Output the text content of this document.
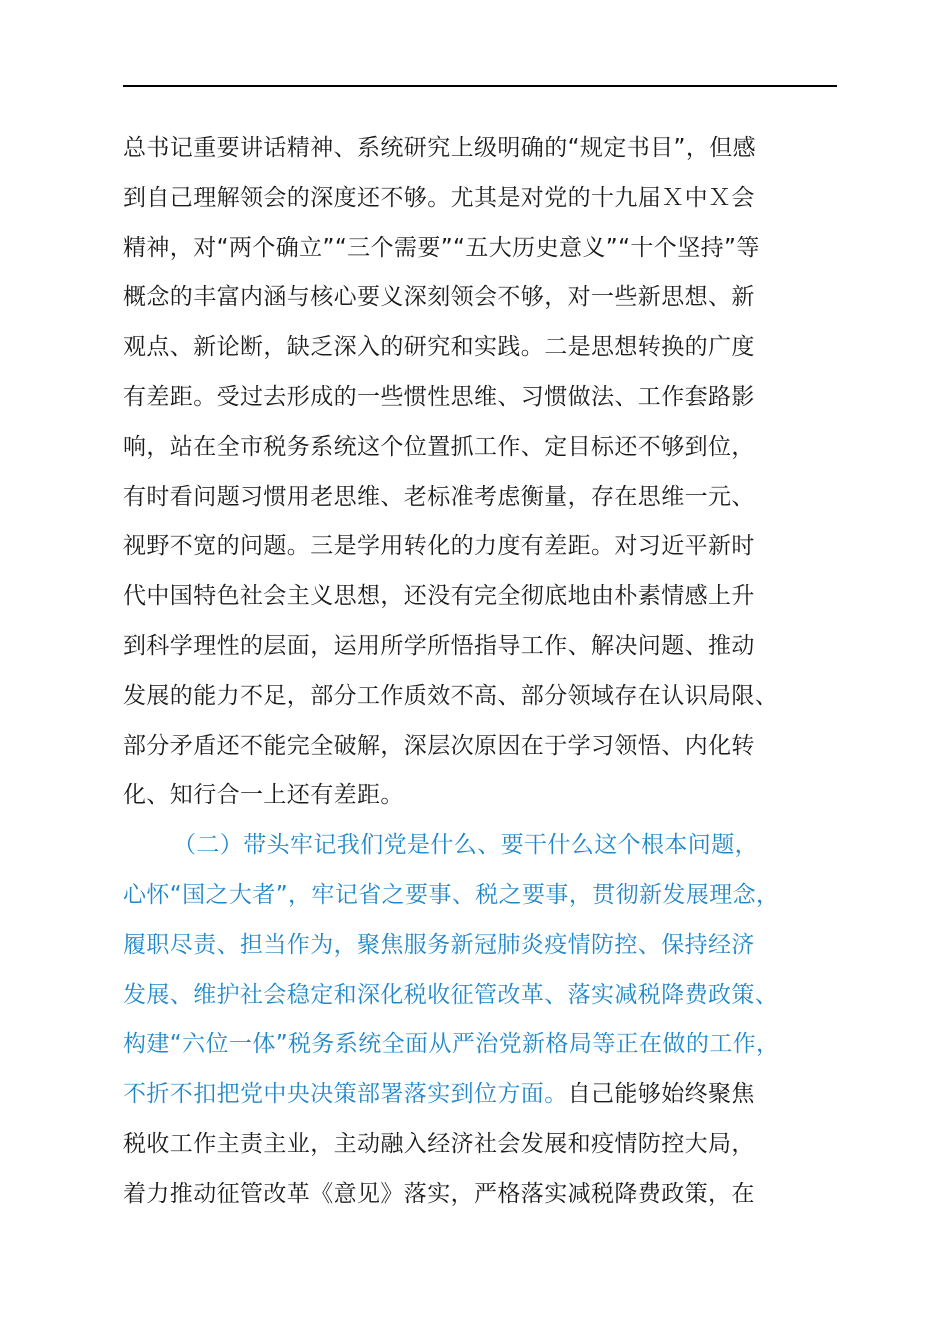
总书记重要讲话精神、系统研究上级明确的“规定书目”，但感
到自己理解领会的深度还不够。尤其是对党的十九届Ｘ中Ｘ会
精神，对“两个确立”“三个需要”“五大历史意义”“十个坚持”等
概念的丰富内涵与核心要义深刻领会不够，对一些新思想、新
观点、新论断，缺乏深入的研究和实践。二是思想转换的广度
有差距。受过去形成的一些惯性思维、习惯做法、工作套路影
响，站在全市税务系统这个位置抓工作、定目标还不够到位，
有时看问题习惯用老思维、老标准考虑衡量，存在思维一元、
视野不宽的问题。三是学用转化的力度有差距。对习近平新时
代中国特色社会主义思想，还没有完全彻底地由朴素情感上升
到科学理性的层面，运用所学所悟指导工作、解决问题、推动
发展的能力不足，部分工作质效不高、部分领域存在认识局限、
部分矛盾还不能完全破解，深层次原因在于学习领悟、内化转
化、知行合一上还有差距。
（二）带头牢记我们党是什么、要干什么这个根本问题，
心怀“国之大者”，牢记省之要事、税之要事，贯彻新发展理念，
履职尽责、担当作为，聚焦服务新冠肺炎疫情防控、保持经济
发展、维护社会稳定和深化税收征管改革、落实减税降费政策、
构建“六位一体”税务系统全面从严治党新格局等正在做的工作，
不折不扣把党中央决策部署落实到位方面。自己能够始终聚焦
税收工作主责主业，主动融入经济社会发展和疫情防控大局，
着力推动征管改革《意见》落实，严格落实减税降费政策，在
